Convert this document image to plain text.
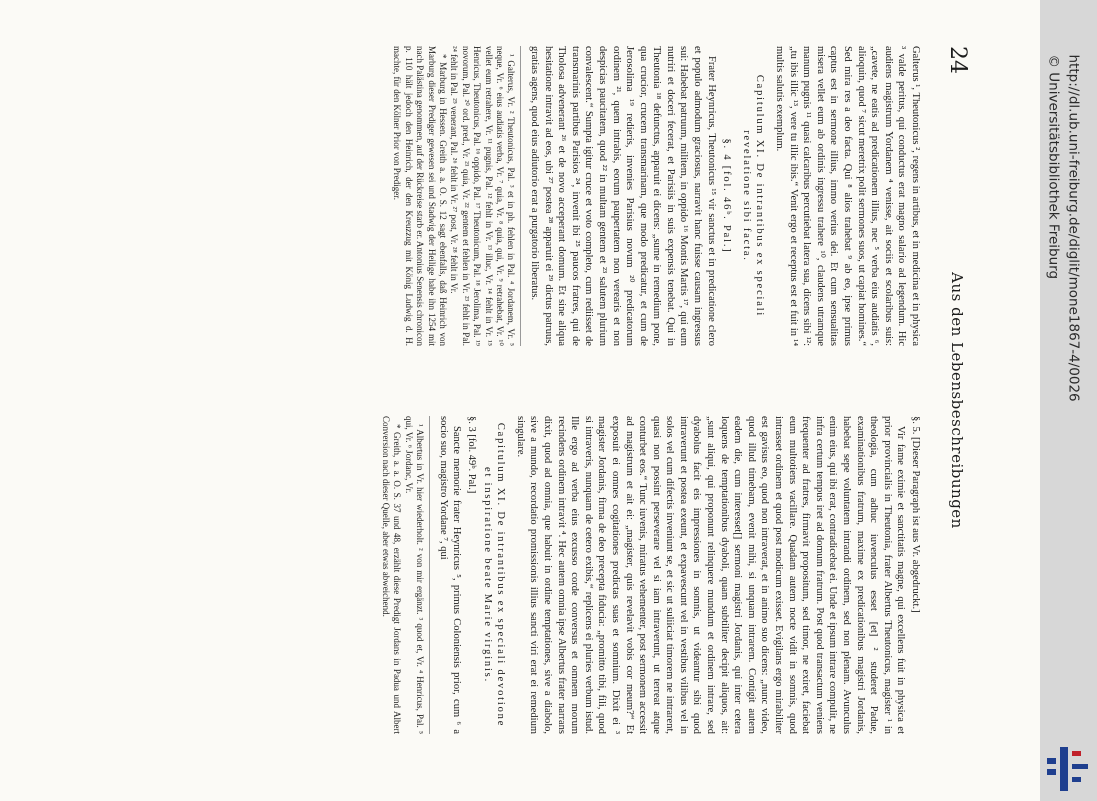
24
Aus den Lebensbeschreibungen

Galterus ¹, Theutonicus ², regens in artibus, et in medicina et in physica ³ valde peritus, qui conductus erat magno salario ad legendum. Hic audiens magistrum Yordanem ⁴ venisse, ait sociis et scolaribus suis: „cavete, ne eatis ad predicationem illius, nec ⁵ verba eius audiatis ⁶, alioquin, quod ⁷ sicut meretrix polit sermones suos, ut capiat homines.“ Sed mira res a deo facta. Qui ⁸ alios trahebat ⁹ ab eo, ipse primus captus est in sermone illius, immo verius dei. Et cum sensualitas misera vellet eum ab ordinis ingressu trahere ¹⁰, claudens utramque manum pugnis ¹¹ quasi calcaribus percutiebat latera sua, dicens sibi ¹²: „tu ibis illic ¹³, vere tu illic ibis.“ Venit ergo et receptus est et fuit in ¹⁴ multis salutis exemplum.

Capitulum XI. De intrantibus ex speciali revelatione sibi facta.

§. 4 [fol. 46ᵇ. Pal.]

Frater Heynricus, Theutonicus ¹⁵ vir sanctus et in predicatione clero et populo admodum graciosus, narravit hanc fuisse causam ingressus sui: Habebat patruum, militem, in oppido ¹⁶ Montis Martis ¹⁷, qui eum nutriri et doceri fecerat, et Parisiis in suis expensis tenebat. Qui in Theutonia ¹⁸ defunctus, apparuit ei dicens: „sume in remedium pone, qua crucior, crucem transmarinam, que modo predicatur, et cum de Jerosolima ¹⁹ redieris, invenies Parisius novum ²⁰ predicatorum ordinem ²¹, quem intrabis, eorum paupertatem non verearis et non despicias paucitatem, quod ²² in multam gentem et ²³ salutem plurium convalescent.“ Sumpta igitur cruce et voto completo, cum rediisset de transmarinis partibus Parisios ²⁴, invenit ibi ²⁵ paucos fratres, qui de Tholosa advenerant ²⁶ et de novo acceperant domum. Et sine aliqua hesitatione intravit ad eos, ubi ²⁷ postea ²⁸ apparuit ei ²⁹ dictus patruus, gratias agens, quod eius adiutorio erat a purgatorio liberatus.

¹ Galterus, Vr. ² Theutonicus, Pal. ³ et in ph. fehlen in Pal. ⁴ Jordanem, Vr. ⁵ neque, Vr. ⁶ eius audiatis verba, Vr. ⁷ quia, Vr. ⁸ quia, qui, Vr. ⁹ retrahebat, Vr. ¹⁰ vellet eum retrahere, Vr. ¹¹ pugnis, Pal. ¹² fehlt in Vr. ¹³ illuc, Vr. ¹⁴ fehlt in Vr. ¹⁵ Henricus, Theutonicus, Pal. ¹⁶ oppido, Pal. ¹⁷ Theutonicum, Pal. ¹⁸ Jerolima, Pal. ¹⁹ novorum, Pal. ²⁰ ord. pred., Vr. ²¹ quia, Vr. ²² gentem et fehlen in Vr. ²³ fehlt in Pal. ²⁴ fehlt in Pal. ²⁵ venerant, Pal. ²⁶ fehlt in Vr. ²⁷ post, Vr. ²⁸ fehlt in Vr.

* Marburg in Hessen. Greith a. a. O. S. 12 sagt ebenfalls, daß Heinrich von Marburg dieser Prediger gewesen sei und Stadwig der Heilige habe ihn 1254 mit nach Palästina genommen, auf der Rückreise starb er. Antonius Senensis chronicon p. 110 hält jedoch den Heinrich, der den Kreuzzug mit König Ludwig d. H. machte, für den Kölner Prior von Prediger.

§. 5. [Dieser Paragraph ist aus Vr. abgedruckt.]

Vir fame eximie et sanctitatis magne, qui excellens fuit in physica et prior provincialis in Theutonia, frater Albertus Theutonicus, magister ¹ in theologia, cum adhuc iuvenculus esset [et] ² studeret Padue, examinationibus fratrum, maxime ex predicationibus magistri Jordanis, habebat sepe voluntatem intrandi ordinem, sed non plenam. Avunculus enim eius, qui ibi erat, contradicebat ei. Unde et ipsum intrare compulit, ne infra certum tempus iret ad domum fratrum. Post quod transactum veniens frequenter ad fratres, firmavit propositum, sed timor, ne exiret, faciebat eum multotiens vacillare. Quadam autem nocte vidit in somnis, quod intrasset ordinem et quod post modicum exisset. Evigilans ergo mirabiliter est gavisus eo, quod non intraverat, et in animo suo dicens: „nunc video, quod illud timebam, evenit mihi, si unquam intrarem. Contigit autem eadem die, cum interesset[] sermoni magistri Jordanis, qui inter cetera loquens de temptationibus dyaboli, quam subtiliter decipit aliquos, ait: „sunt aliqui, qui proponunt relinquere mundum et ordinem intrare, sed dyabolus facit eis impressiones in somnis, ut videantur sibi quod intraverunt et postea exeunt, et expavescunt vel in vestibus vilibus vel in solos vel cum difectis inveniunt se, et sic ut suliiciat timorem ne intrarent, quasi non possint perseverare vel si iam intraverunt, ut terreat atque conturbet eos.“ Tunc iuvenis, miratus vehementer, post sermonem accessit ad magistrum et ait ei: „magister, quis revelavit vobis cor meum?“ Et exposuit ei omnes cogitationes predictas suas et somnium. Dixit ei ³ magister Jordanis, firma de deo precepta fiducia: „promitto tibi, fili, quod si intraveris, nunquam de cetero exibis,“ replicens ei pluries verbum istud. Ille ergo ad verba eius excusso corde conversus et omnem morum recindens ordinem intravit ⁴. Hec autem omnia ipse Albertus frater narrans dixit, quod ad omnia, que habuit in ordine temptationes, sive a diabolo, sive a mundo, recordatio promissionis illius sancti viri erat ei remedium singulare.

Capitulum XI. De intrantibus ex speciali devotione et inspiratione beate Marie virginis.

§. 3 [fol. 49ᵇ. Pal.]

Sancte memorie frater Heynricus ⁵, primus Coloniensis prior, cum ⁶ a socio suo, magistro Yordane ⁷, qui

¹ Albertus in Vr. hier wiederholt. ² von mir ergänzt. ³ quod et, Vr. ⁴ Henricus, Pal. ⁵ qui, Vr. ⁶ Jordanc, Vr.

* Greith, a. a. O. S. 37 und 48, erzählt diese Predigt Jordans in Padua und Albert Conversion nach dieser Quelle, aber etwas abweichend.

http://dl.ub.uni-freiburg.de/diglit/mone1867-4/0026
© Universitätsbibliothek Freiburg
